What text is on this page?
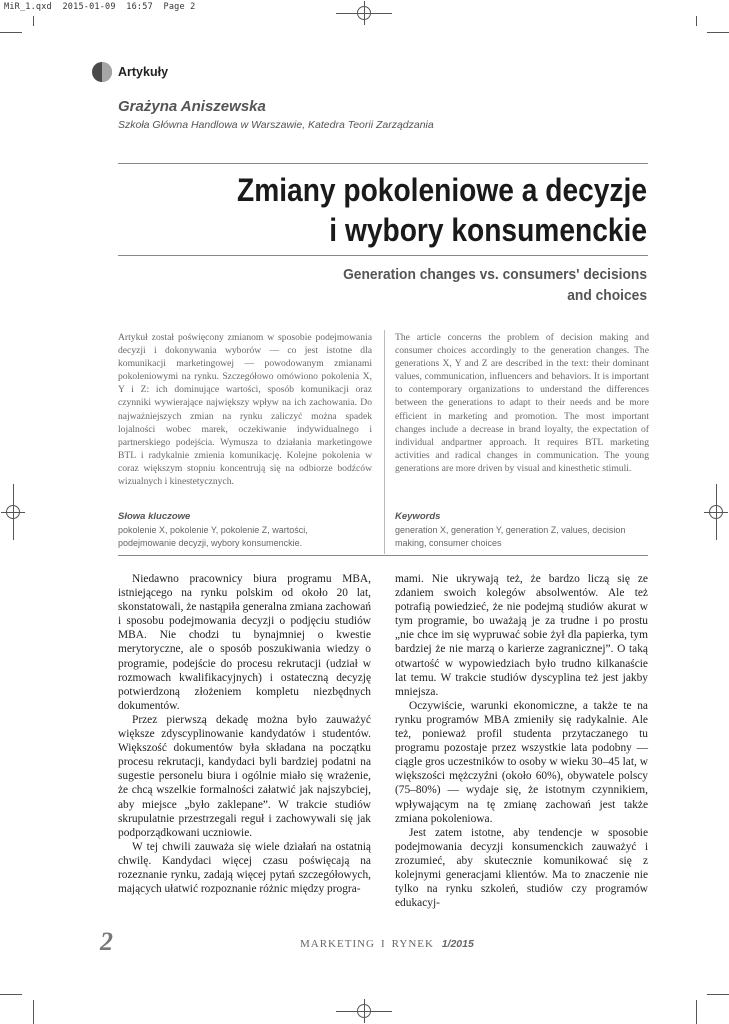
MiR_1.qxd  2015-01-09  16:57  Page 2
Artykuły
Grażyna Aniszewska
Szkoła Główna Handlowa w Warszawie, Katedra Teorii Zarządzania
Zmiany pokoleniowe a decyzje
i wybory konsumenckie
Generation changes vs. consumers' decisions
and choices
Artykuł został poświęcony zmianom w sposobie podejmowania decyzji i dokonywania wyborów — co jest istotne dla komunikacji marketingowej — powodowanym zmianami pokoleniowymi na rynku. Szczegółowo omówiono pokolenia X, Y i Z: ich dominujące wartości, sposób komunikacji oraz czynniki wywierające największy wpływ na ich zachowania. Do najważniejszych zmian na rynku zaliczyć można spadek lojalności wobec marek, oczekiwanie indywidualnego i partnerskiego podejścia. Wymusza to działania marketingowe BTL i radykalnie zmienia komunikację. Kolejne pokolenia w coraz większym stopniu koncentrują się na odbiorze bodźców wizualnych i kinestetycznych.
The article concerns the problem of decision making and consumer choices accordingly to the generation changes. The generations X, Y and Z are described in the text: their dominant values, communication, influencers and behaviors. It is important to contemporary organizations to understand the differences between the generations to adapt to their needs and be more efficient in marketing and promotion. The most important changes include a decrease in brand loyalty, the expectation of individual andpartner approach. It requires BTL marketing activities and radical changes in communication. The young generations are more driven by visual and kinesthetic stimuli.
Słowa kluczowe
pokolenie X, pokolenie Y, pokolenie Z, wartości, podejmowanie decyzji, wybory konsumenckie.
Keywords
generation X, generation Y, generation Z, values, decision making, consumer choices

Niedawno pracownicy biura programu MBA, istniejącego na rynku polskim od około 20 lat, skonstatowali, że nastąpiła generalna zmiana zachowań i sposobu podejmowania decyzji o podjęciu studiów MBA. Nie chodzi tu bynajmniej o kwestie merytoryczne, ale o sposób poszukiwania wiedzy o programie, podejście do procesu rekrutacji (udział w rozmowach kwalifikacyjnych) i ostateczną decyzję potwierdzoną złożeniem kompletu niezbędnych dokumentów.

Przez pierwszą dekadę można było zauważyć większe zdyscyplinowanie kandydatów i studentów. Większość dokumentów była składana na początku procesu rekrutacji, kandydaci byli bardziej podatni na sugestie personelu biura i ogólnie miało się wrażenie, że chcą wszelkie formalności załatwić jak najszybciej, aby miejsce „było zaklepane”. W trakcie studiów skrupulatnie przestrzegali reguł i zachowywali się jak podporządkowani uczniowie.

W tej chwili zauważa się wiele działań na ostatnią chwilę. Kandydaci więcej czasu poświęcają na rozeznanie rynku, zadają więcej pytań szczegółowych, mających ułatwić rozpoznanie różnic między progra-

mami. Nie ukrywają też, że bardzo liczą się ze zdaniem swoich kolegów absolwentów. Ale też potrafią powiedzieć, że nie podejmą studiów akurat w tym programie, bo uważają je za trudne i po prostu „nie chce im się wypruwać sobie żył dla papierka, tym bardziej że nie marzą o karierze zagranicznej”. O taką otwartość w wypowiedziach było trudno kilkanaście lat temu. W trakcie studiów dyscyplina też jest jakby mniejsza.

Oczywiście, warunki ekonomiczne, a także te na rynku programów MBA zmieniły się radykalnie. Ale też, ponieważ profil studenta przytaczanego tu programu pozostaje przez wszystkie lata podobny — ciągle gros uczestników to osoby w wieku 30–45 lat, w większości mężczyźni (około 60%), obywatele polscy (75–80%) — wydaje się, że istotnym czynnikiem, wpływającym na tę zmianę zachowań jest także zmiana pokoleniowa.

Jest zatem istotne, aby tendencje w sposobie podejmowania decyzji konsumenckich zauważyć i zrozumieć, aby skutecznie komunikować się z kolejnymi generacjami klientów. Ma to znaczenie nie tylko na rynku szkoleń, studiów czy programów edukacyj-

2	MARKETING I RYNEK 1/2015
